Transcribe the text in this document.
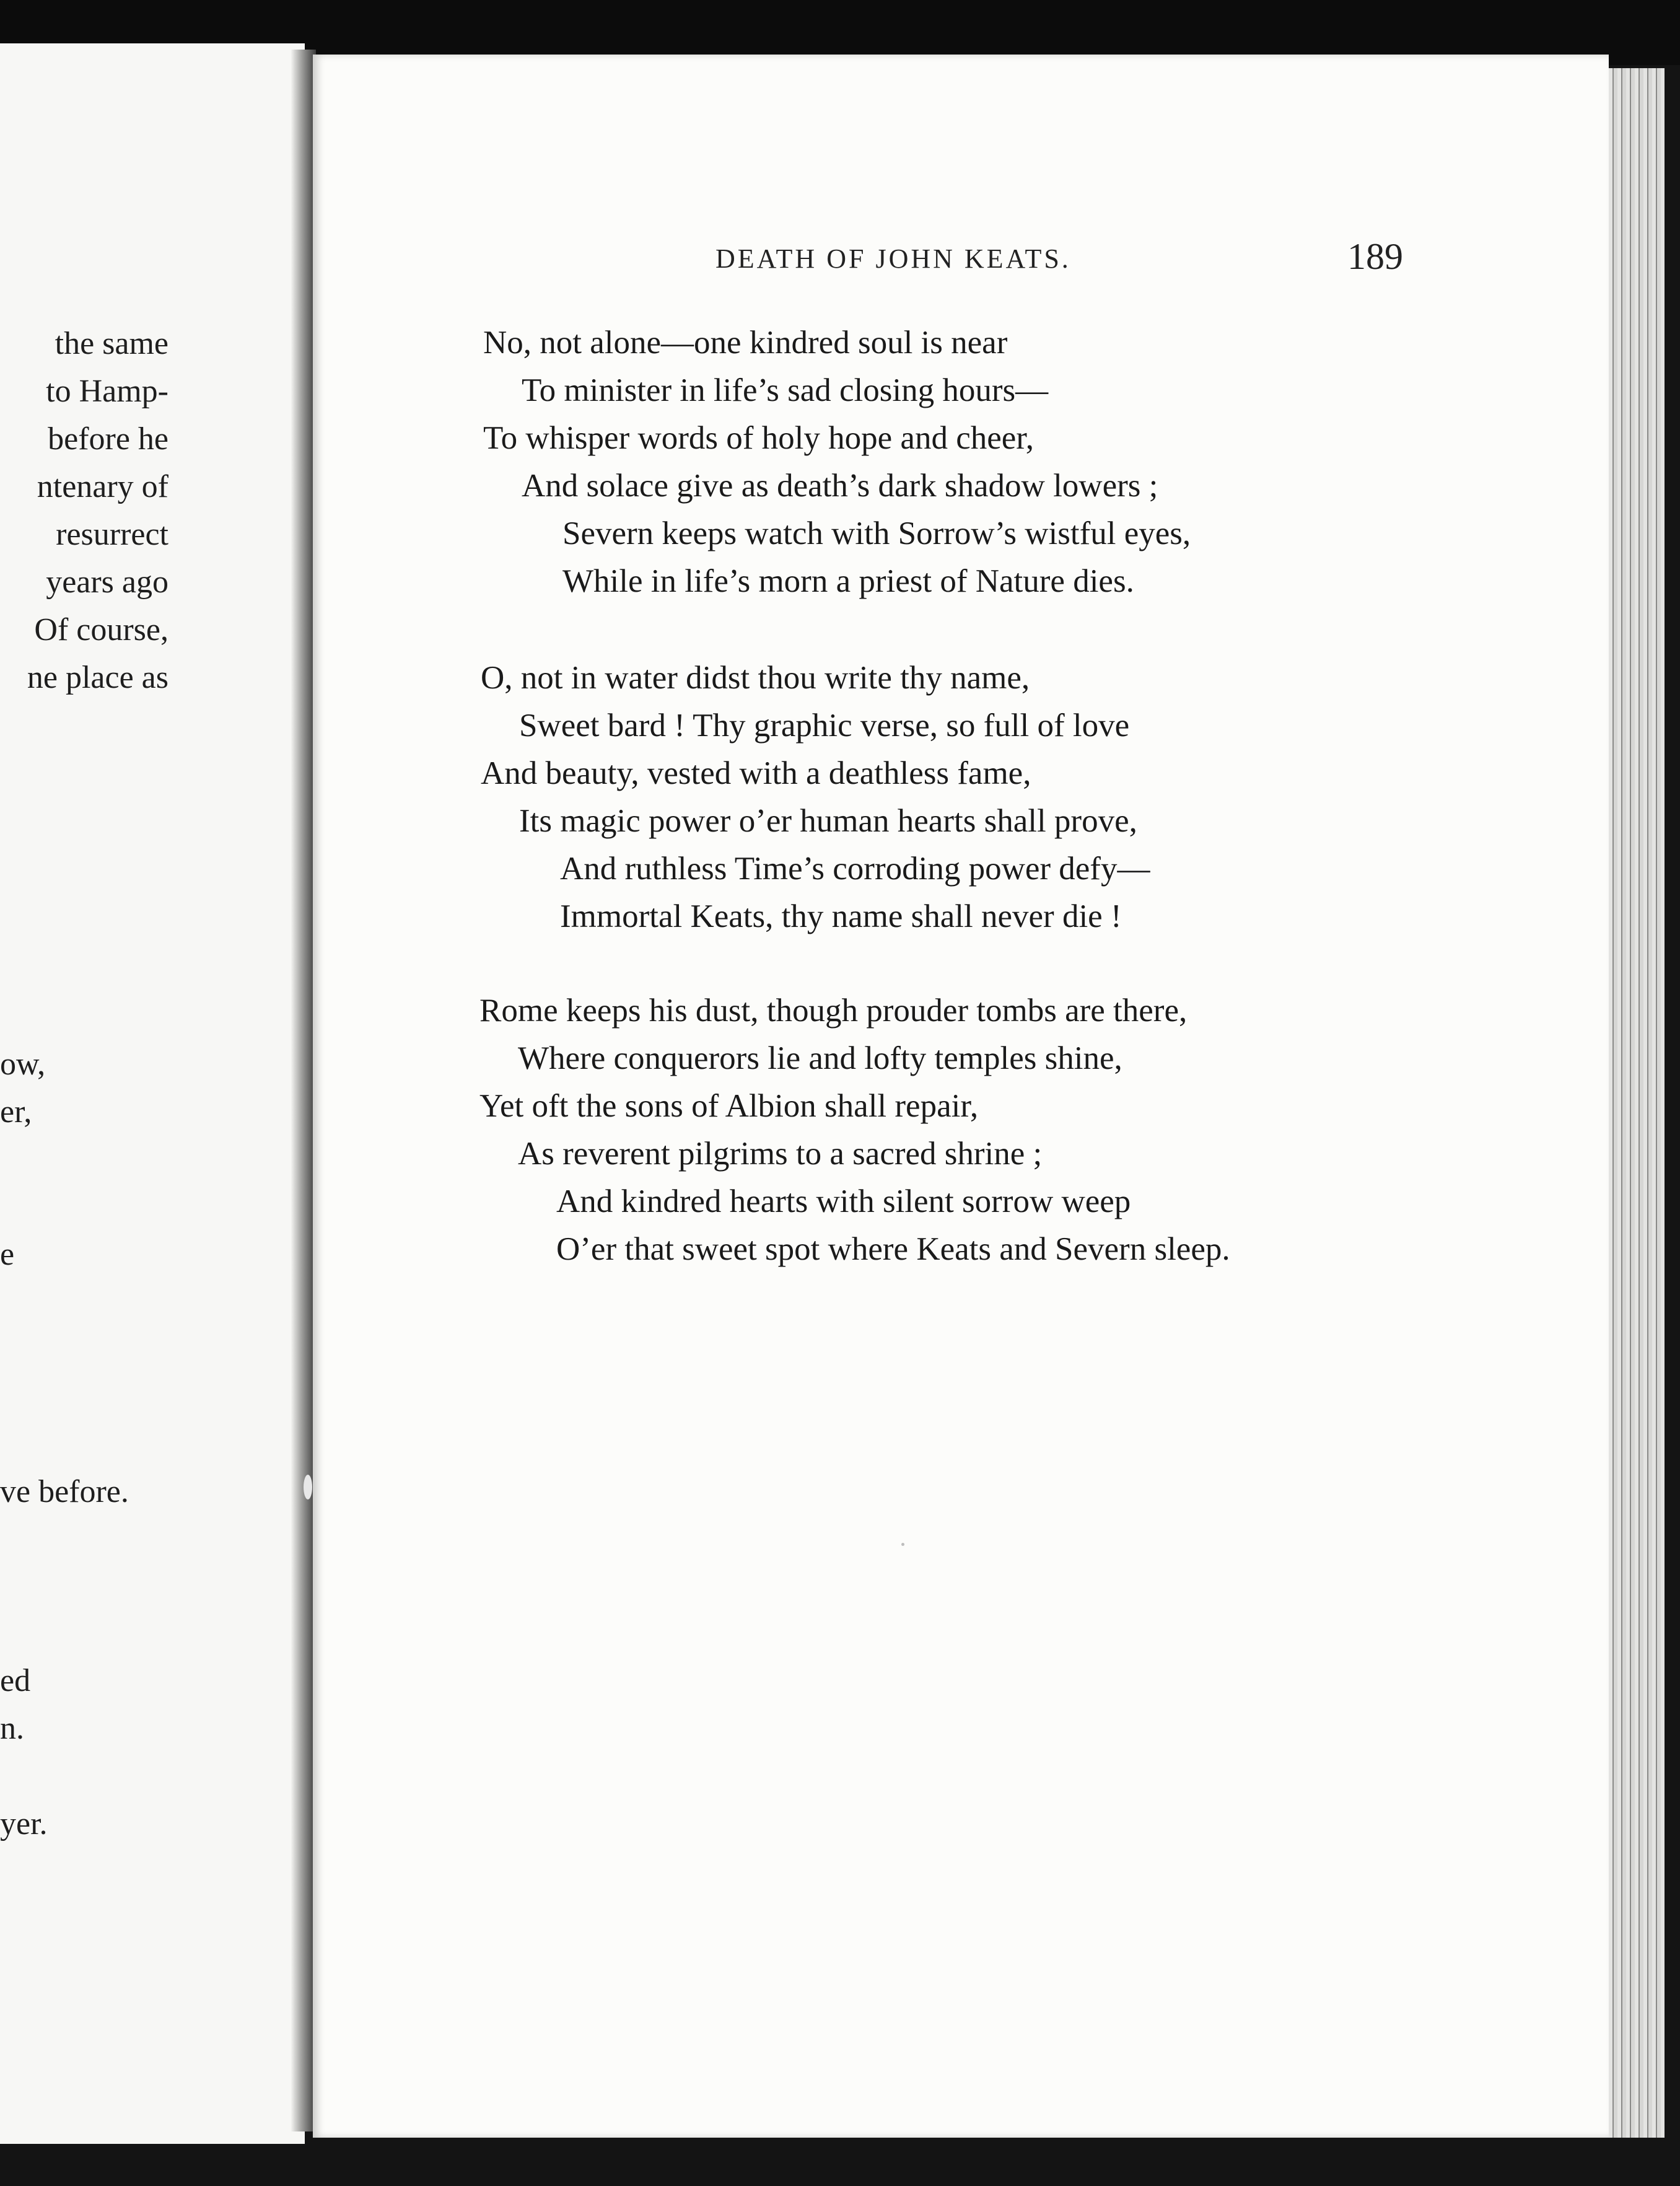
the same
to Hamp-
before he
ntenary of
resurrect
years ago
Of course,
ne place as
ow,
er,
e
ve before.
ed
n.
yer.
DEATH OF JOHN KEATS.	189
No, not alone—one kindred soul is near
To minister in life’s sad closing hours—
To whisper words of holy hope and cheer,
And solace give as death’s dark shadow lowers ;
Severn keeps watch with Sorrow’s wistful eyes,
While in life’s morn a priest of Nature dies.
O, not in water didst thou write thy name,
Sweet bard ! Thy graphic verse, so full of love
And beauty, vested with a deathless fame,
Its magic power o’er human hearts shall prove,
And ruthless Time’s corroding power defy—
Immortal Keats, thy name shall never die !
Rome keeps his dust, though prouder tombs are there,
Where conquerors lie and lofty temples shine,
Yet oft the sons of Albion shall repair,
As reverent pilgrims to a sacred shrine ;
And kindred hearts with silent sorrow weep
O’er that sweet spot where Keats and Severn sleep.
